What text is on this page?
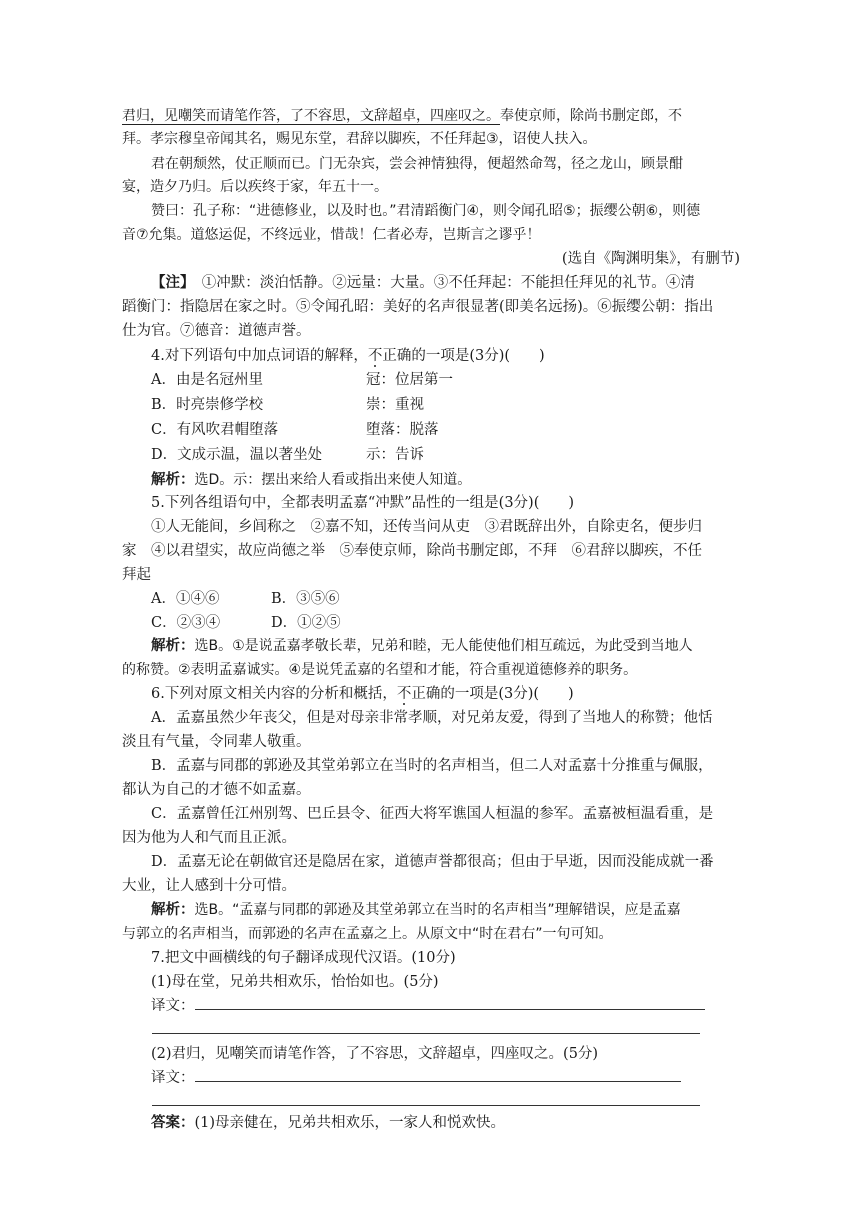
君归，见嘲笑而请笔作答，了不容思，文辞超卓，四座叹之。奉使京师，除尚书删定郎，不
拜。孝宗穆皇帝闻其名，赐见东堂，君辞以脚疾，不任拜起③，诏使人扶入。
君在朝颓然，仗正顺而已。门无杂宾，尝会神情独得，便超然命驾，径之龙山，顾景酣
宴，造夕乃归。后以疾终于家，年五十一。
赞曰：孔子称：“进德修业，以及时也。”君清蹈衡门④，则令闻孔昭⑤；振缨公朝⑥，则德
音⑦允集。道悠运促，不终远业，惜哉！仁者必寿，岂斯言之谬乎！
(选自《陶渊明集》，有删节)
【注】　①冲默：淡泊恬静。②远量：大量。③不任拜起：不能担任拜见的礼节。④清
蹈衡门：指隐居在家之时。⑤令闻孔昭：美好的名声很显著(即美名远扬)。⑥振缨公朝：指出
仕为官。⑦德音：道德声誉。
4.对下列语句中加点词语的解释，不正确的一项是(3分)(　　)
A．由是名冠州里	冠：位居第一
B．时亮崇修学校	崇：重视
C．有风吹君帽堕落	堕落：脱落
D．文成示温，温以著坐处	示：告诉
解析：选D。示：摆出来给人看或指出来使人知道。
5.下列各组语句中，全都表明孟嘉“冲默”品性的一组是(3分)(　　)
①人无能间，乡闾称之　②嘉不知，还传当问从吏　③君既辞出外，自除吏名，便步归
家　④以君望实，故应尚德之举　⑤奉使京师，除尚书删定郎，不拜　⑥君辞以脚疾，不任
拜起
A．①④⑥	B．③⑤⑥
C．②③④	D．①②⑤
解析：选B。①是说孟嘉孝敬长辈，兄弟和睦，无人能使他们相互疏远，为此受到当地人
的称赞。②表明孟嘉诚实。④是说凭孟嘉的名望和才能，符合重视道德修养的职务。
6.下列对原文相关内容的分析和概括，不正确的一项是(3分)(　　)
A．孟嘉虽然少年丧父，但是对母亲非常孝顺，对兄弟友爱，得到了当地人的称赞；他恬
淡且有气量，令同辈人敬重。
B．孟嘉与同郡的郭逊及其堂弟郭立在当时的名声相当，但二人对孟嘉十分推重与佩服，
都认为自己的才德不如孟嘉。
C．孟嘉曾任江州别驾、巴丘县令、征西大将军谯国人桓温的参军。孟嘉被桓温看重，是
因为他为人和气而且正派。
D．孟嘉无论在朝做官还是隐居在家，道德声誉都很高；但由于早逝，因而没能成就一番
大业，让人感到十分可惜。
解析：选B。“孟嘉与同郡的郭逊及其堂弟郭立在当时的名声相当”理解错误，应是孟嘉
与郭立的名声相当，而郭逊的名声在孟嘉之上。从原文中“时在君右”一句可知。
7.把文中画横线的句子翻译成现代汉语。(10分)
(1)母在堂，兄弟共相欢乐，怡怡如也。(5分)
译文：
(2)君归，见嘲笑而请笔作答，了不容思，文辞超卓，四座叹之。(5分)
译文：
答案：(1)母亲健在，兄弟共相欢乐，一家人和悦欢快。
